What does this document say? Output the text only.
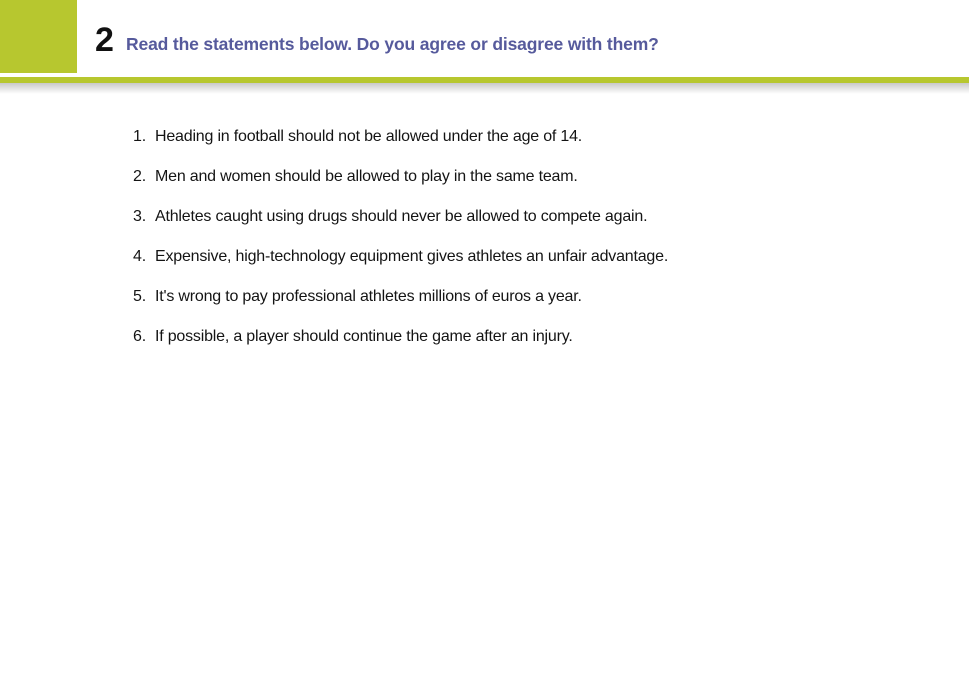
2 Read the statements below. Do you agree or disagree with them?
1. Heading in football should not be allowed under the age of 14.
2. Men and women should be allowed to play in the same team.
3. Athletes caught using drugs should never be allowed to compete again.
4. Expensive, high-technology equipment gives athletes an unfair advantage.
5. It's wrong to pay professional athletes millions of euros a year.
6. If possible, a player should continue the game after an injury.
